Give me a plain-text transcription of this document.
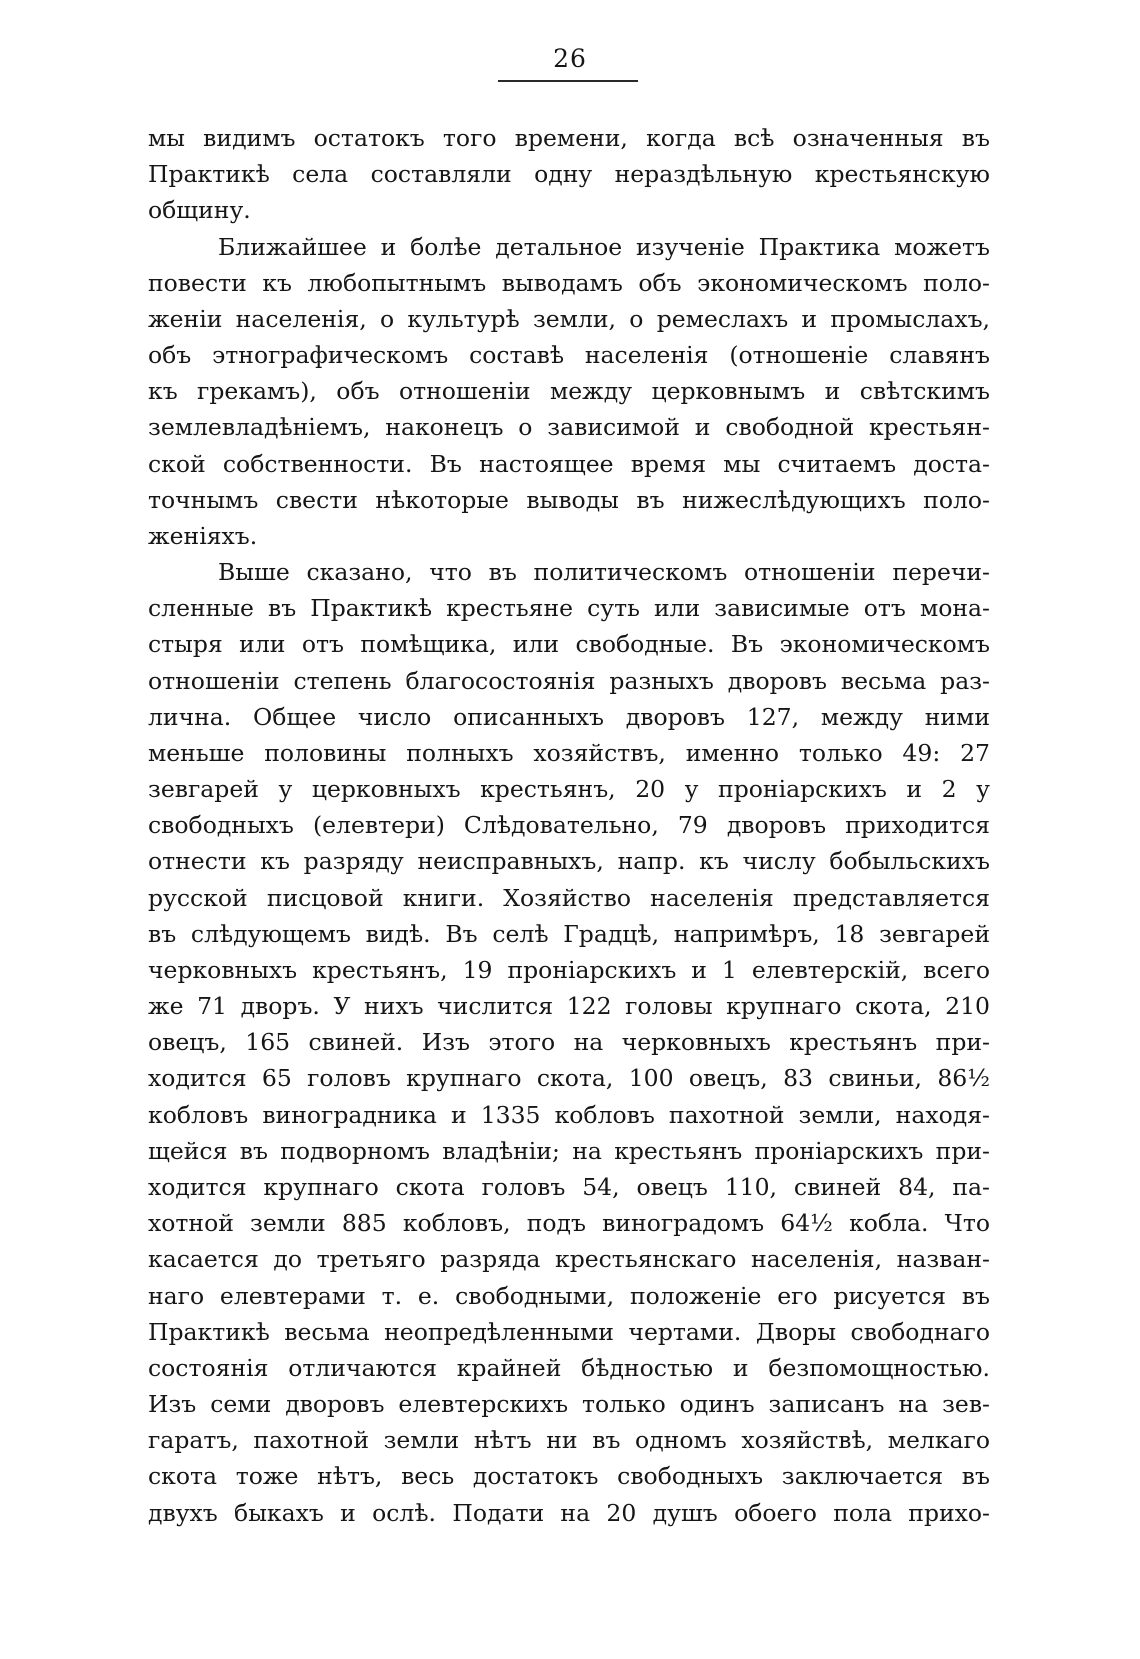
26
мы видимъ остатокъ того времени, когда всѣ означенныя въ
Практикѣ села составляли одну нераздѣльную крестьянскую
общину.
Ближайшее и болѣе детальное изученіе Практика можетъ
повести къ любопытнымъ выводамъ объ экономическомъ поло-
женіи населенія, о культурѣ земли, о ремеслахъ и промыслахъ,
объ этнографическомъ составѣ населенія (отношеніе славянъ
къ грекамъ), объ отношеніи между церковнымъ и свѣтскимъ
землевладѣніемъ, наконецъ о зависимой и свободной крестьян-
ской собственности. Въ настоящее время мы считаемъ доста-
точнымъ свести нѣкоторые выводы въ нижеслѣдующихъ поло-
женіяхъ.
Выше сказано, что въ политическомъ отношеніи перечи-
сленные въ Практикѣ крестьяне суть или зависимые отъ мона-
стыря или отъ помѣщика, или свободные. Въ экономическомъ
отношеніи степень благосостоянія разныхъ дворовъ весьма раз-
лична. Общее число описанныхъ дворовъ 127, между ними
меньше половины полныхъ хозяйствъ, именно только 49: 27
зевгарей у церковныхъ крестьянъ, 20 у проніарскихъ и 2 у
свободныхъ (елевтери) Слѣдовательно, 79 дворовъ приходится
отнести къ разряду неисправныхъ, напр. къ числу бобыльскихъ
русской писцовой книги. Хозяйство населенія представляется
въ слѣдующемъ видѣ. Въ селѣ Градцѣ, напримѣръ, 18 зевгарей
черковныхъ крестьянъ, 19 проніарскихъ и 1 елевтерскій, всего
же 71 дворъ. У нихъ числится 122 головы крупнаго скота, 210
овецъ, 165 свиней. Изъ этого на черковныхъ крестьянъ при-
ходится 65 головъ крупнаго скота, 100 овецъ, 83 свиньи, 86½
кобловъ виноградника и 1335 кобловъ пахотной земли, находя-
щейся въ подворномъ владѣніи; на крестьянъ проніарскихъ при-
ходится крупнаго скота головъ 54, овецъ 110, свиней 84, па-
хотной земли 885 кобловъ, подъ виноградомъ 64½ кобла. Что
касается до третьяго разряда крестьянскаго населенія, назван-
наго елевтерами т. е. свободными, положеніе его рисуется въ
Практикѣ весьма неопредѣленными чертами. Дворы свободнаго
состоянія отличаются крайней бѣдностью и безпомощностью.
Изъ семи дворовъ елевтерскихъ только одинъ записанъ на зев-
гаратъ, пахотной земли нѣтъ ни въ одномъ хозяйствѣ, мелкаго
скота тоже нѣтъ, весь достатокъ свободныхъ заключается въ
двухъ быкахъ и ослѣ. Подати на 20 душъ обоего пола прихо-
